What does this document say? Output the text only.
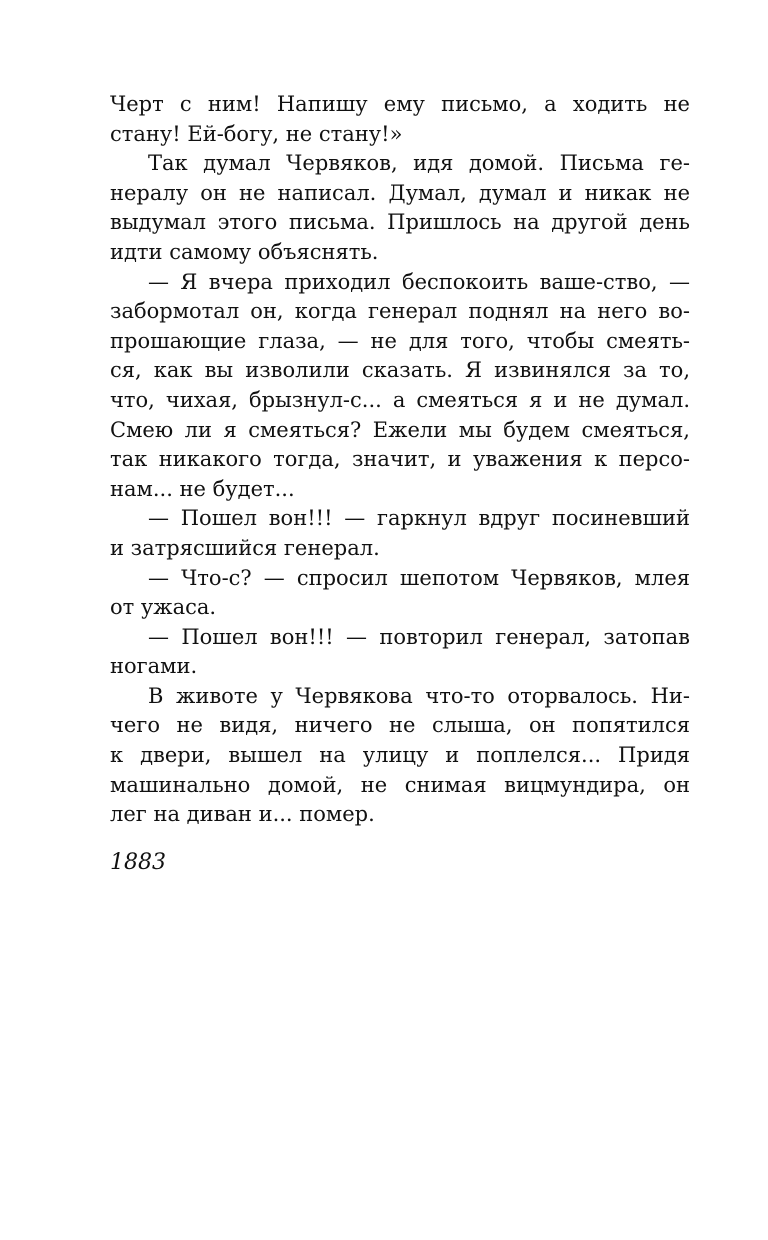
Черт с ним! Напишу ему письмо, а ходить не
стану! Ей-богу, не стану!»
Так думал Червяков, идя домой. Письма ге-
нералу он не написал. Думал, думал и никак не
выдумал этого письма. Пришлось на другой день
идти самому объяснять.
— Я вчера приходил беспокоить ваше-ство, —
забормотал он, когда генерал поднял на него во-
прошающие глаза, — не для того, чтобы смеять-
ся, как вы изволили сказать. Я извинялся за то,
что, чихая, брызнул-с... а смеяться я и не думал.
Смею ли я смеяться? Ежели мы будем смеяться,
так никакого тогда, значит, и уважения к персо-
нам... не будет...
— Пошел вон!!! — гаркнул вдруг посиневший
и затрясшийся генерал.
— Что-с? — спросил шепотом Червяков, млея
от ужаса.
— Пошел вон!!! — повторил генерал, затопав
ногами.
В животе у Червякова что-то оторвалось. Ни-
чего не видя, ничего не слыша, он попятился
к двери, вышел на улицу и поплелся... Придя
машинально домой, не снимая вицмундира, он
лег на диван и... помер.

1883
